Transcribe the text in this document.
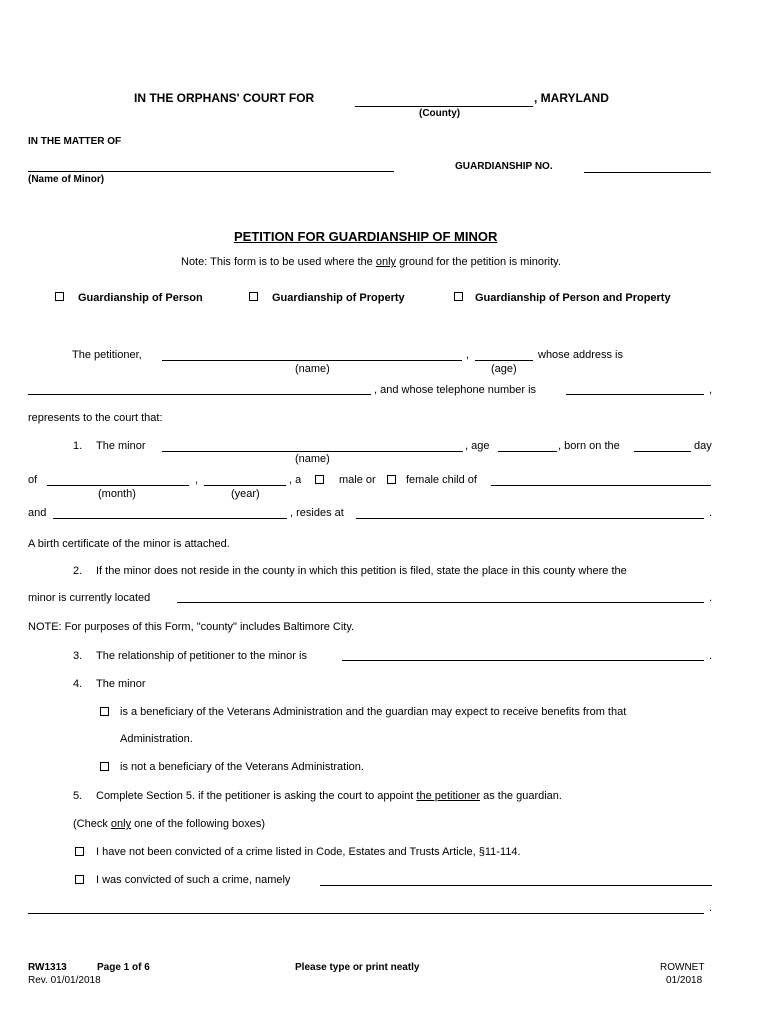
IN THE ORPHANS' COURT FOR	, MARYLAND
(County)
IN THE MATTER OF
(Name of Minor)
GUARDIANSHIP NO.
PETITION FOR GUARDIANSHIP OF MINOR
Note: This form is to be used where the only ground for the petition is minority.
Guardianship of Person	Guardianship of Property	Guardianship of Person and Property
The petitioner,	,	whose address is
(name)	(age)
, and whose telephone number is	,
represents to the court that:
1. The minor	, age	, born on the	day
(name)
of	,	, a	male or	female child of
(month)	(year)
and	, resides at	.
A birth certificate of the minor is attached.
2. If the minor does not reside in the county in which this petition is filed, state the place in this county where the
minor is currently located	.
NOTE: For purposes of this Form, "county" includes Baltimore City.
3. The relationship of petitioner to the minor is	.
4. The minor
is a beneficiary of the Veterans Administration and the guardian may expect to receive benefits from that
Administration.
is not a beneficiary of the Veterans Administration.
5. Complete Section 5. if the petitioner is asking the court to appoint the petitioner as the guardian.
(Check only one of the following boxes)
I have not been convicted of a crime listed in Code, Estates and Trusts Article, §11-114.
I was convicted of such a crime, namely
.
RW1313	Page 1 of 6
Rev. 01/01/2018
Please type or print neatly	ROWNET
01/2018
